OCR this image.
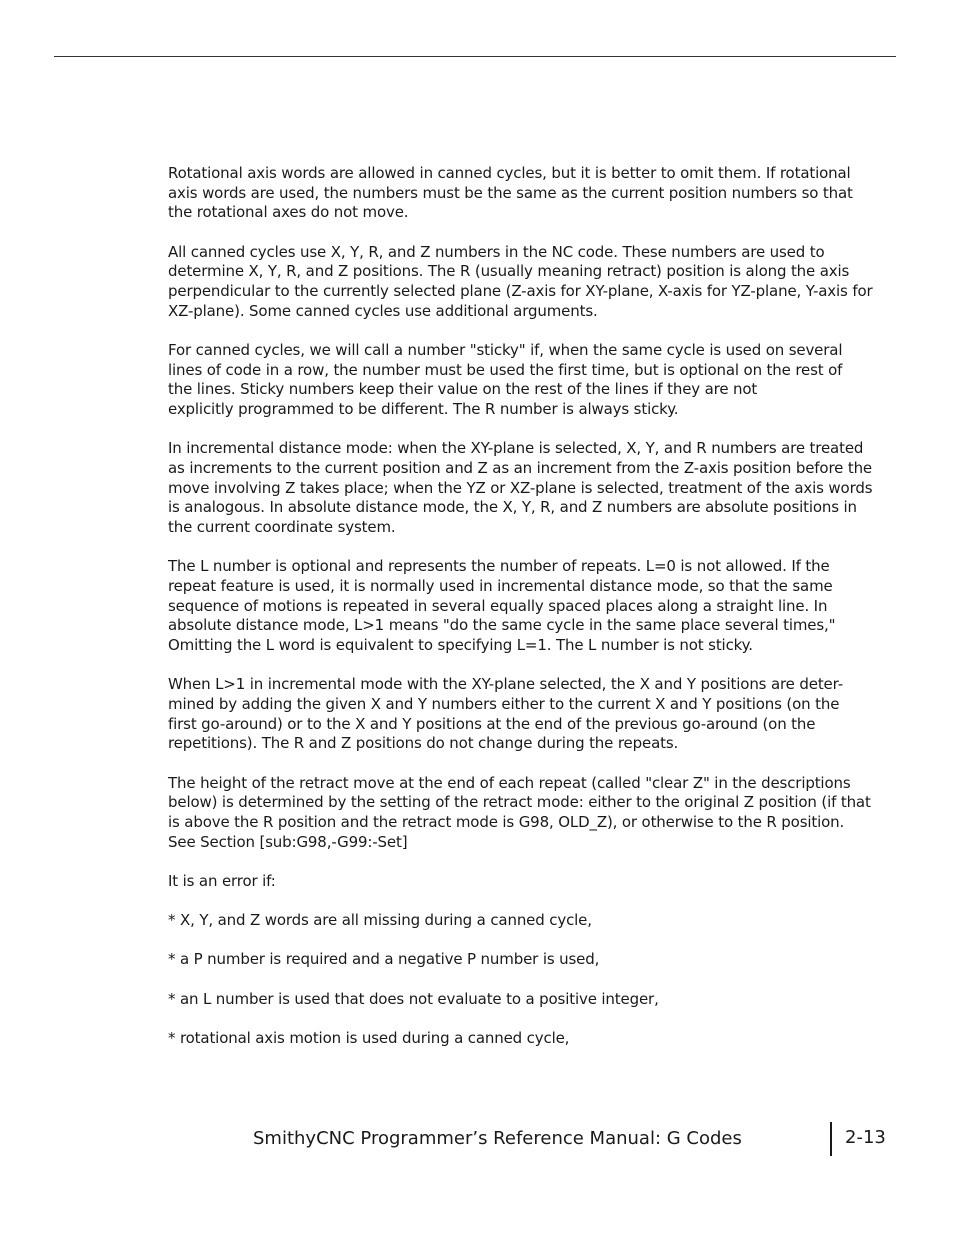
Rotational axis words are allowed in canned cycles, but it is better to omit them. If rotational
axis words are used, the numbers must be the same as the current position numbers so that
the rotational axes do not move.

All canned cycles use X, Y, R, and Z numbers in the NC code. These numbers are used to
determine X, Y, R, and Z positions. The R (usually meaning retract) position is along the axis
perpendicular to the currently selected plane (Z-axis for XY-plane, X-axis for YZ-plane, Y-axis for
XZ-plane). Some canned cycles use additional arguments.

For canned cycles, we will call a number "sticky" if, when the same cycle is used on several
lines of code in a row, the number must be used the first time, but is optional on the rest of
the lines. Sticky numbers keep their value on the rest of the lines if they are not
explicitly programmed to be different. The R number is always sticky.

In incremental distance mode: when the XY-plane is selected, X, Y, and R numbers are treated
as increments to the current position and Z as an increment from the Z-axis position before the
move involving Z takes place; when the YZ or XZ-plane is selected, treatment of the axis words
is analogous. In absolute distance mode, the X, Y, R, and Z numbers are absolute positions in
the current coordinate system.

The L number is optional and represents the number of repeats. L=0 is not allowed. If the
repeat feature is used, it is normally used in incremental distance mode, so that the same
sequence of motions is repeated in several equally spaced places along a straight line. In
absolute distance mode, L>1 means "do the same cycle in the same place several times,"
Omitting the L word is equivalent to specifying L=1. The L number is not sticky.

When L>1 in incremental mode with the XY-plane selected, the X and Y positions are deter-
mined by adding the given X and Y numbers either to the current X and Y positions (on the
first go-around) or to the X and Y positions at the end of the previous go-around (on the
repetitions). The R and Z positions do not change during the repeats.

The height of the retract move at the end of each repeat (called "clear Z" in the descriptions
below) is determined by the setting of the retract mode: either to the original Z position (if that
is above the R position and the retract mode is G98, OLD_Z), or otherwise to the R position.
See Section [sub:G98,-G99:-Set]

It is an error if:

* X, Y, and Z words are all missing during a canned cycle,

* a P number is required and a negative P number is used,

* an L number is used that does not evaluate to a positive integer,

* rotational axis motion is used during a canned cycle,

SmithyCNC Programmer’s Reference Manual: G Codes	2-13
